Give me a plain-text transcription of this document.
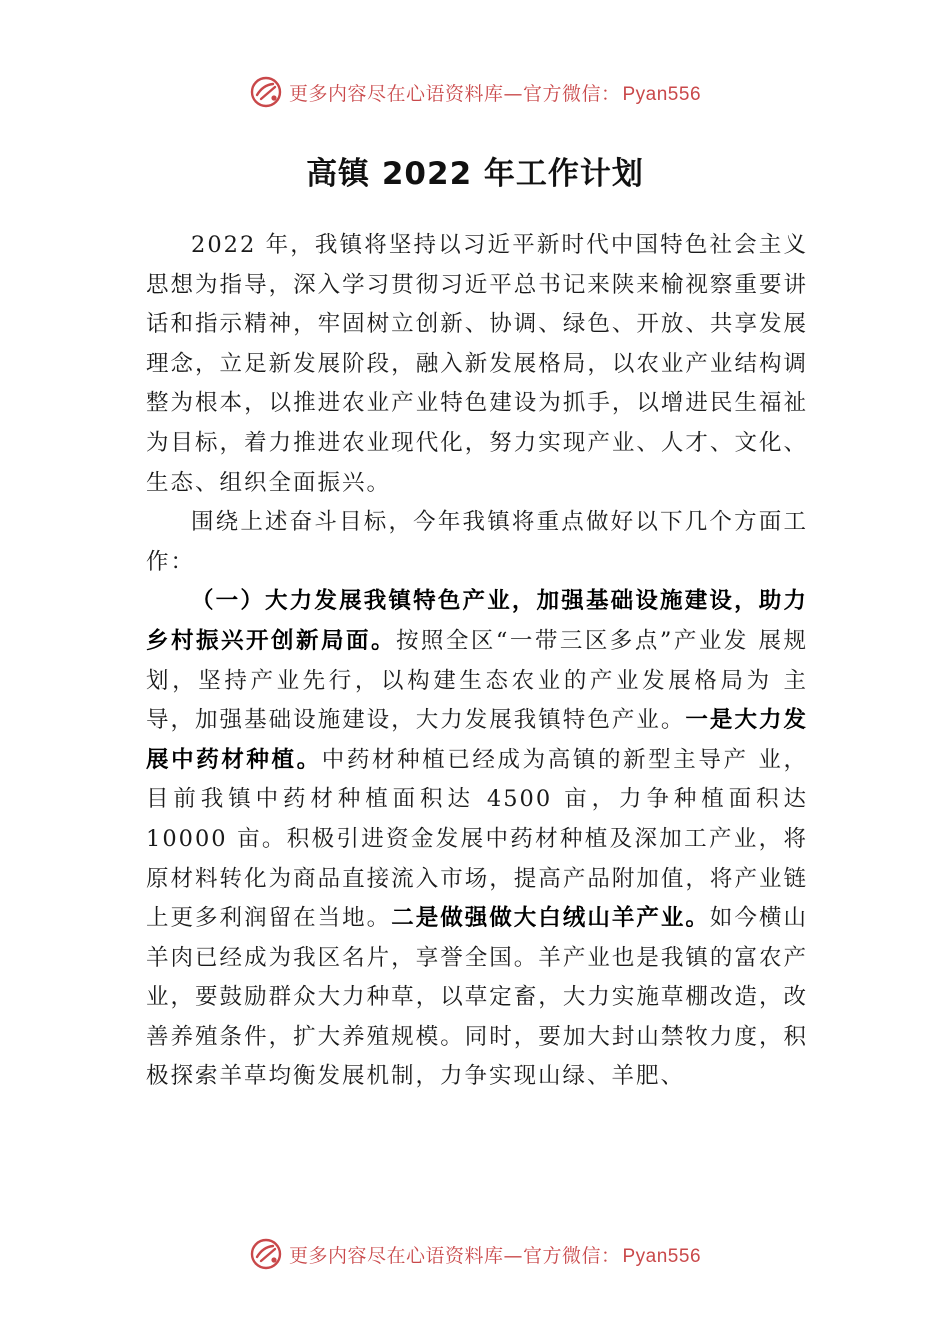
更多内容尽在心语资料库—官方微信： Pyan556
高镇 2022 年工作计划

2022 年，我镇将坚持以习近平新时代中国特色社会主义思想为指导，深入学习贯彻习近平总书记来陕来榆视察重要讲话和指示精神，牢固树立创新、协调、绿色、开放、共享发展理念，立足新发展阶段，融入新发展格局，以农业产业结构调整为根本，以推进农业产业特色建设为抓手，以增进民生福祉为目标，着力推进农业现代化，努力实现产业、人才、文化、生态、组织全面振兴。

围绕上述奋斗目标，今年我镇将重点做好以下几个方面工作：

（一）大力发展我镇特色产业，加强基础设施建设，助力乡村振兴开创新局面。按照全区“一带三区多点”产业发 展规划，坚持产业先行，以构建生态农业的产业发展格局为 主导，加强基础设施建设，大力发展我镇特色产业。一是大力发展中药材种植。中药材种植已经成为高镇的新型主导产 业，目前我镇中药材种植面积达 4500 亩，力争种植面积达 10000 亩。积极引进资金发展中药材种植及深加工产业，将原材料转化为商品直接流入市场，提高产品附加值，将产业链上更多利润留在当地。二是做强做大白绒山羊产业。如今横山羊肉已经成为我区名片，享誉全国。羊产业也是我镇的富农产业，要鼓励群众大力种草，以草定畜，大力实施草棚改造，改善养殖条件，扩大养殖规模。同时，要加大封山禁牧力度，积极探索羊草均衡发展机制，力争实现山绿、羊肥、

更多内容尽在心语资料库—官方微信： Pyan556
